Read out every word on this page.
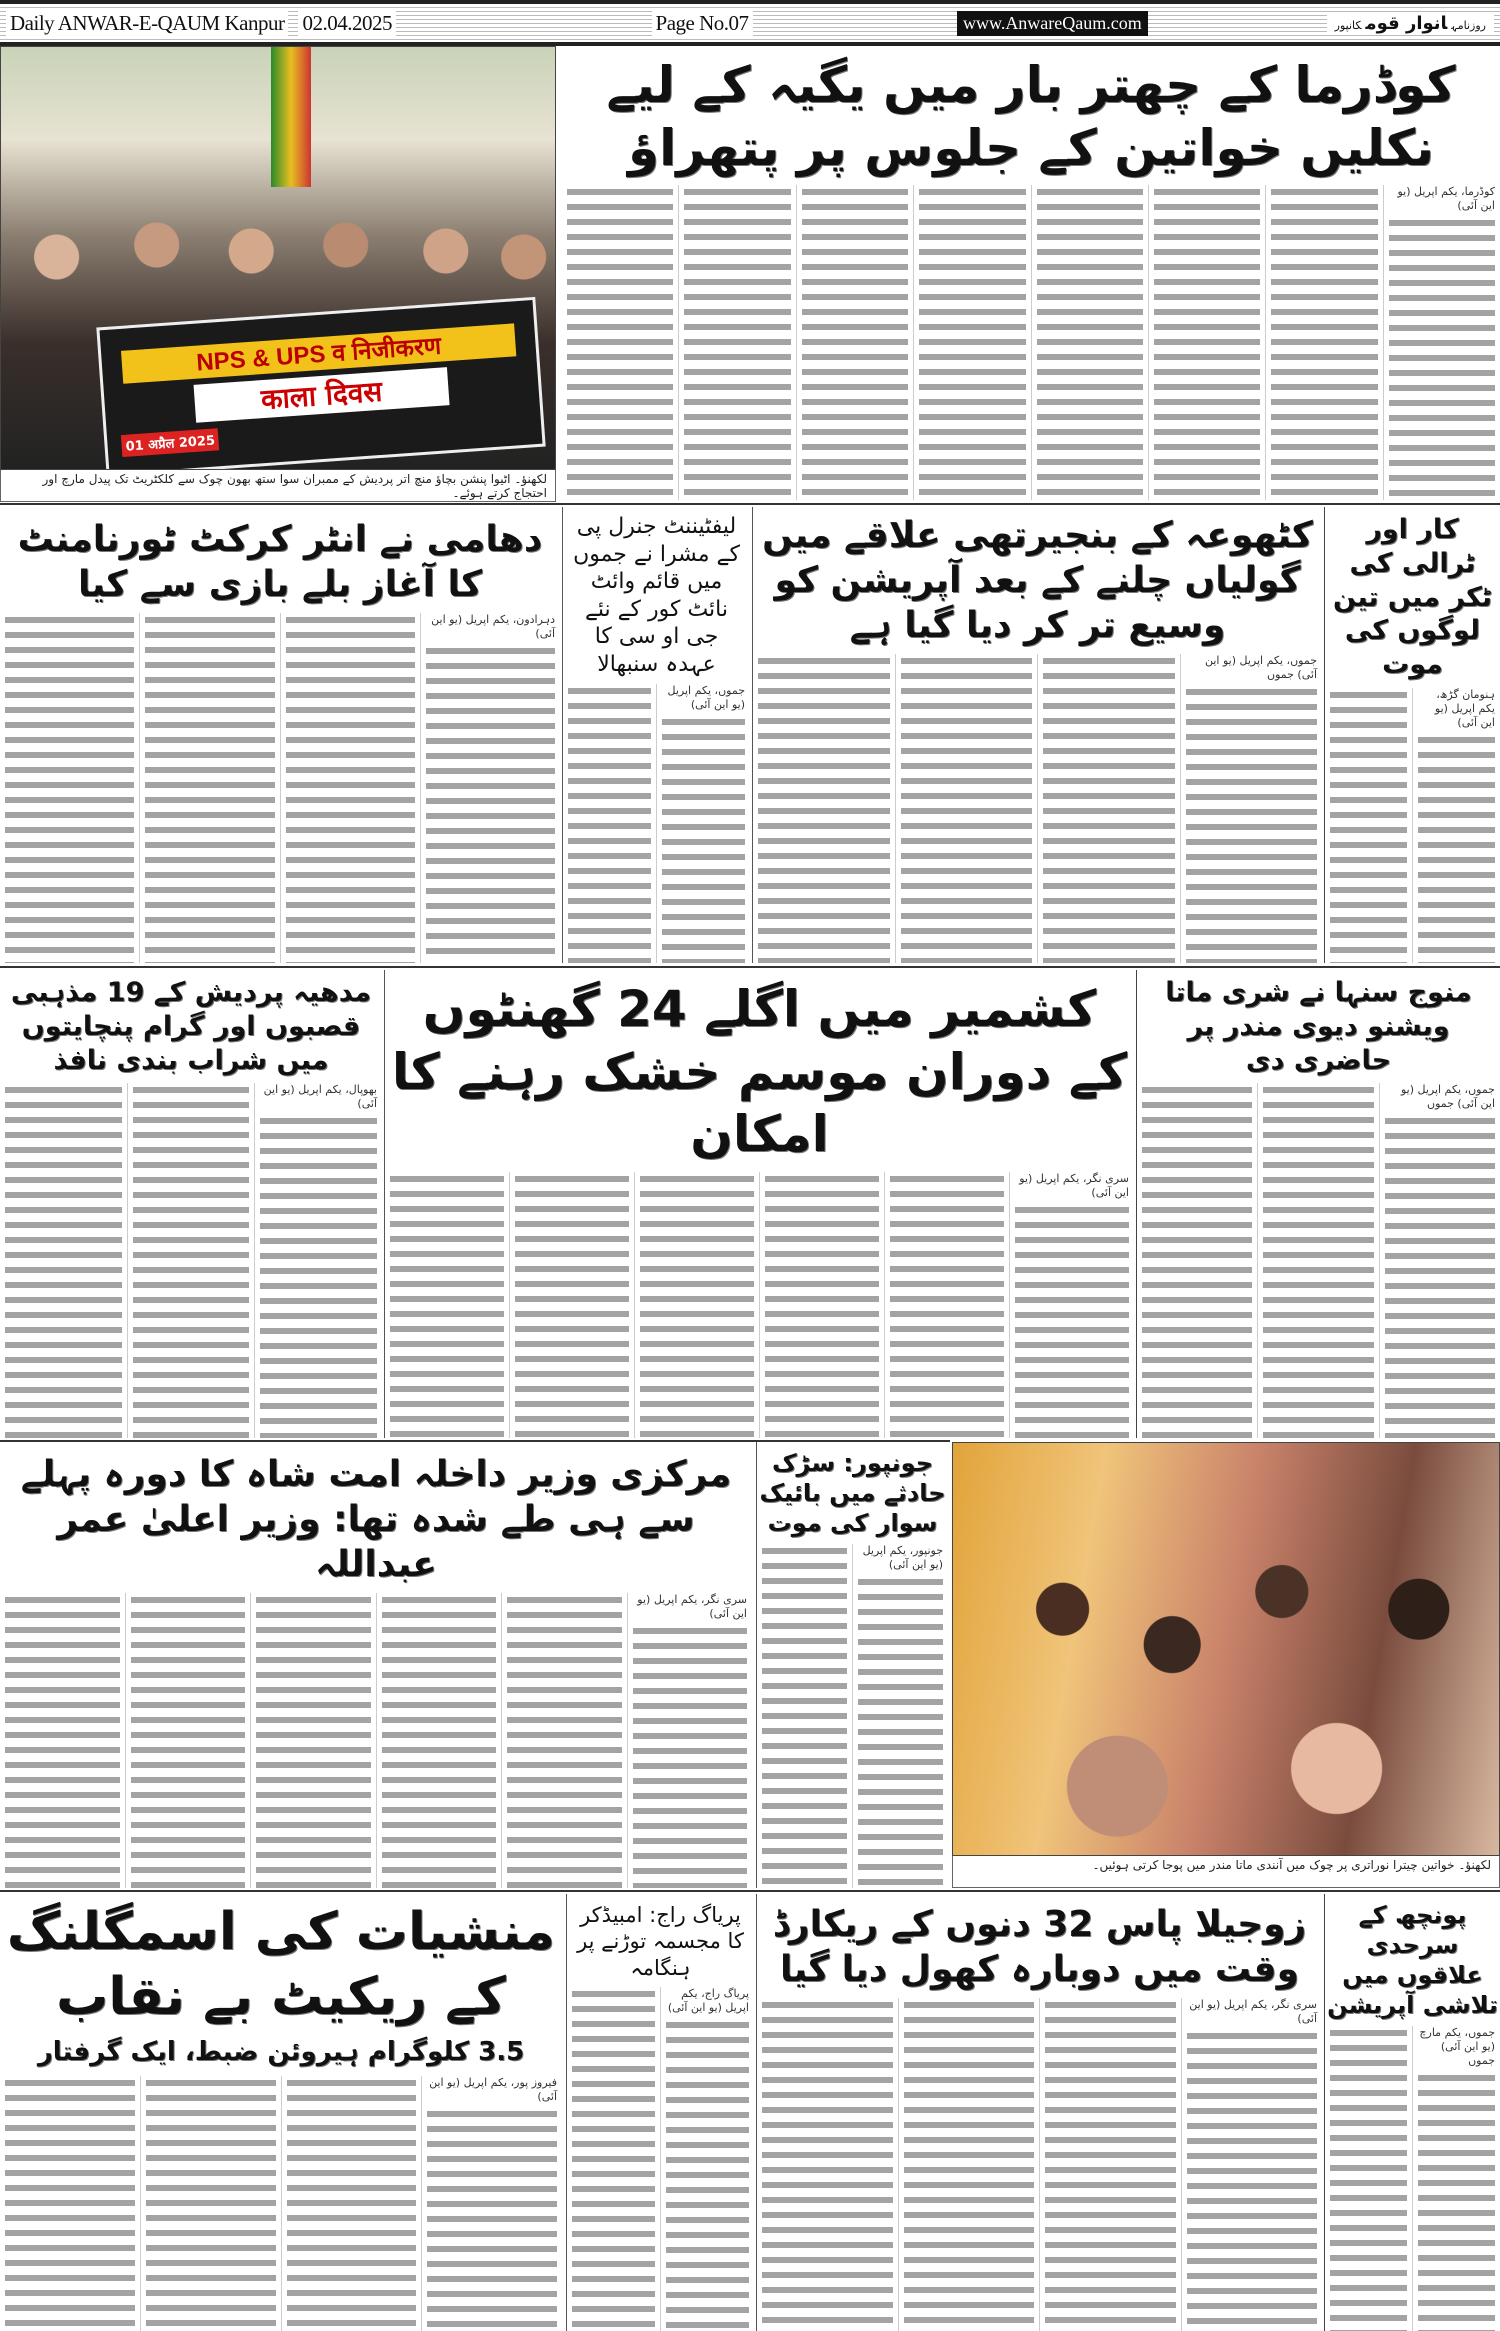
Daily ANWAR-E-QAUM Kanpur 02.04.2025	Page No.07	www.AnwareQaum.com	روزنامہانوار قومکانپور
NPS & UPS व निजीकरण
काला दिवस
01 अप्रैल 2025
لکھنؤ۔ اٹیوا پنشن بچاؤ منچ اتر پردیش کے ممبران سوا ستھ بھون چوک سے کلکٹریٹ تک پیدل مارچ اور احتجاج کرتے ہوئے۔
کوڈرما کے چھتر بار میں یگیہ کے لیے نکلیں خواتین کے جلوس پر پتھراؤ
کوڈرما، یکم اپریل (یو این آئی)
کار اور ٹرالی کی ٹکر میں تین لوگوں کی موت
ہنومان گڑھ، یکم اپریل (یو این آئی)
کٹھوعہ کے بنجیرتھی علاقے میں گولیاں چلنے کے بعد آپریشن کو وسیع تر کر دیا گیا ہے
جموں، یکم اپریل (یو این آئی) جموں
لیفٹیننٹ جنرل پی کے مشرا نے جموں میں قائم وائٹ نائٹ کور کے نئے جی او سی کا عہدہ سنبھالا
جموں، یکم اپریل (یو این آئی)
دھامی نے انٹر کرکٹ ٹورنامنٹ کا آغاز بلے بازی سے کیا
دہرادون، یکم اپریل (یو این آئی)
منوج سنہا نے شری ماتا ویشنو دیوی مندر پر حاضری دی
جموں، یکم اپریل (یو این آئی) جموں
کشمیر میں اگلے 24 گھنٹوں کے دوران موسم خشک رہنے کا امکان
سری نگر، یکم اپریل (یو این آئی)
مدھیہ پردیش کے 19 مذہبی قصبوں اور گرام پنچایتوں میں شراب بندی نافذ
بھوپال، یکم اپریل (یو این آئی)
لکھنؤ۔ خواتین چیترا نوراتری پر چوک میں آنندی ماتا مندر میں پوجا کرتی ہوئیں۔
جونپور: سڑک حادثے میں بائیک سوار کی موت
جونپور، یکم اپریل (یو این آئی)
مرکزی وزیر داخلہ امت شاہ کا دورہ پہلے سے ہی طے شدہ تھا: وزیر اعلیٰ عمر عبداللہ
سری نگر، یکم اپریل (یو این آئی)
پونچھ کے سرحدی علاقوں میں تلاشی آپریشن
جموں، یکم مارچ (یو این آئی) جموں
زوجیلا پاس 32 دنوں کے ریکارڈ وقت میں دوبارہ کھول دیا گیا
سری نگر، یکم اپریل (یو این آئی)
پریاگ راج: امبیڈکر کا مجسمہ توڑنے پر ہنگامہ
پریاگ راج، یکم اپریل (یو این آئی)
منشیات کی اسمگلنگ کے ریکیٹ بے نقاب
3.5 کلوگرام ہیروئن ضبط، ایک گرفتار
فیروز پور، یکم اپریل (یو این آئی)
